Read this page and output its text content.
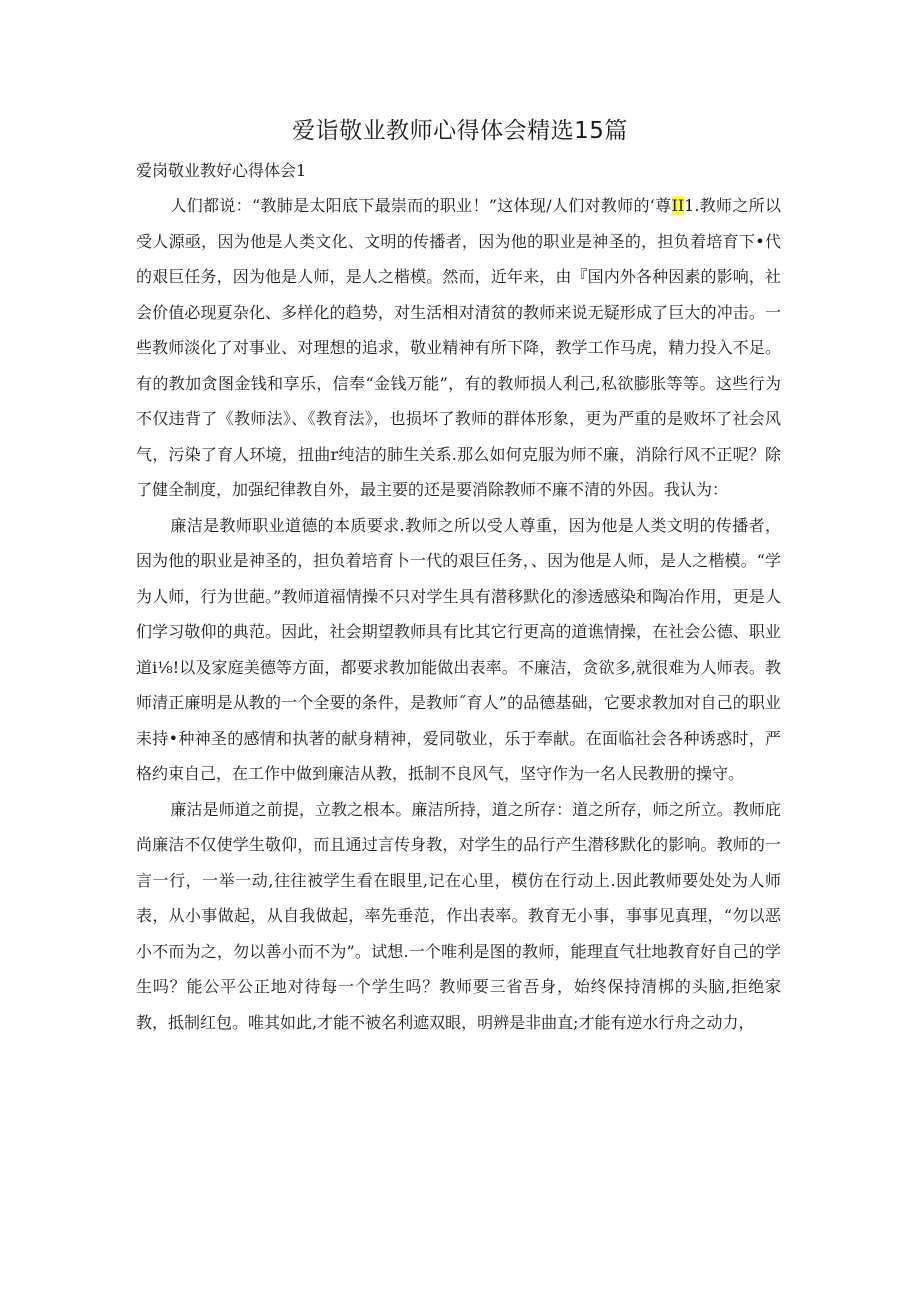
爱诣敬业教师心得体会精选15篇

爱岗敬业教好心得体会1

人们都说：“教肺是太阳底下最崇而的职业！”这体现/人们对教师的‘尊II1.教师之所以受人源亟，因为他是人类文化、文明的传播者，因为他的职业是神圣的，担负着培育下•代的艰巨任务，因为他是人师，是人之楷模。然而，近年来，由『国内外各种因素的影响，社会价值必现夏杂化、多样化的趋势，对生活相对清贫的教师来说无疑形成了巨大的冲击。一些教师淡化了对事业、对理想的追求，敬业精神有所下降，教学工作马虎，精力投入不足。有的教加贪图金钱和享乐，信奉“金钱万能”，有的教师损人利己,私欲膨胀等等。这些行为不仅违背了《教师法》、《教育法》，也损坏了教师的群体形象，更为严重的是败坏了社会风气，污染了育人环境，扭曲r纯洁的肺生关系.那么如何克服为师不廉，消除行风不正呢？除了健全制度，加强纪律教自外，最主要的还是要消除教师不廉不清的外因。我认为：

廉洁是教师职业道德的本质要求.教师之所以受人尊重，因为他是人类文明的传播者，因为他的职业是神圣的，担负着培育卜一代的艰巨任务，、因为他是人师，是人之楷模。“学为人师，行为世葩。”教师道福情操不只对学生具有潜移默化的渗透感染和陶冶作用，更是人们学习敬仰的典范。因此，社会期望教师具有比其它行更高的道谯情操，在社会公德、职业道i⅛!以及家庭美德等方面，都要求教加能做出表率。不廉洁，贪欲多,就很难为人师表。教师清正廉明是从教的一个全要的条件，是教师˝育人”的品德基础，它要求教加对自己的职业耒持•种神圣的感情和执著的献身精神，爱同敬业，乐于奉献。在面临社会各种诱惑时，严格约束自己，在工作中做到廉洁从教，抵制不良风气，坚守作为一名人民教册的操守。

廉沽是师道之前提，立教之根本。廉洁所持，道之所存：道之所存，师之所立。教师庇尚廉洁不仅使学生敬仰，而且通过言传身教，对学生的品行产生潜移默化的影响。教师的一言一行，一举一动,往往被学生看在眼里,记在心里，模仿在行动上.因此教师要处处为人师表，从小事做起，从自我做起，率先垂范，作出表率。教育无小事，事事见真理，“勿以恶小不而为之，勿以善小而不为”。试想.一个唯利是图的教师，能理直气壮地教育好自己的学生吗？能公平公正地对待每一个学生吗？教师要三省吾身，始终保持清梆的头脑,拒绝家教，抵制红包。唯其如此,才能不被名利遮双眼，明辨是非曲直;才能有逆水行舟之动力，
